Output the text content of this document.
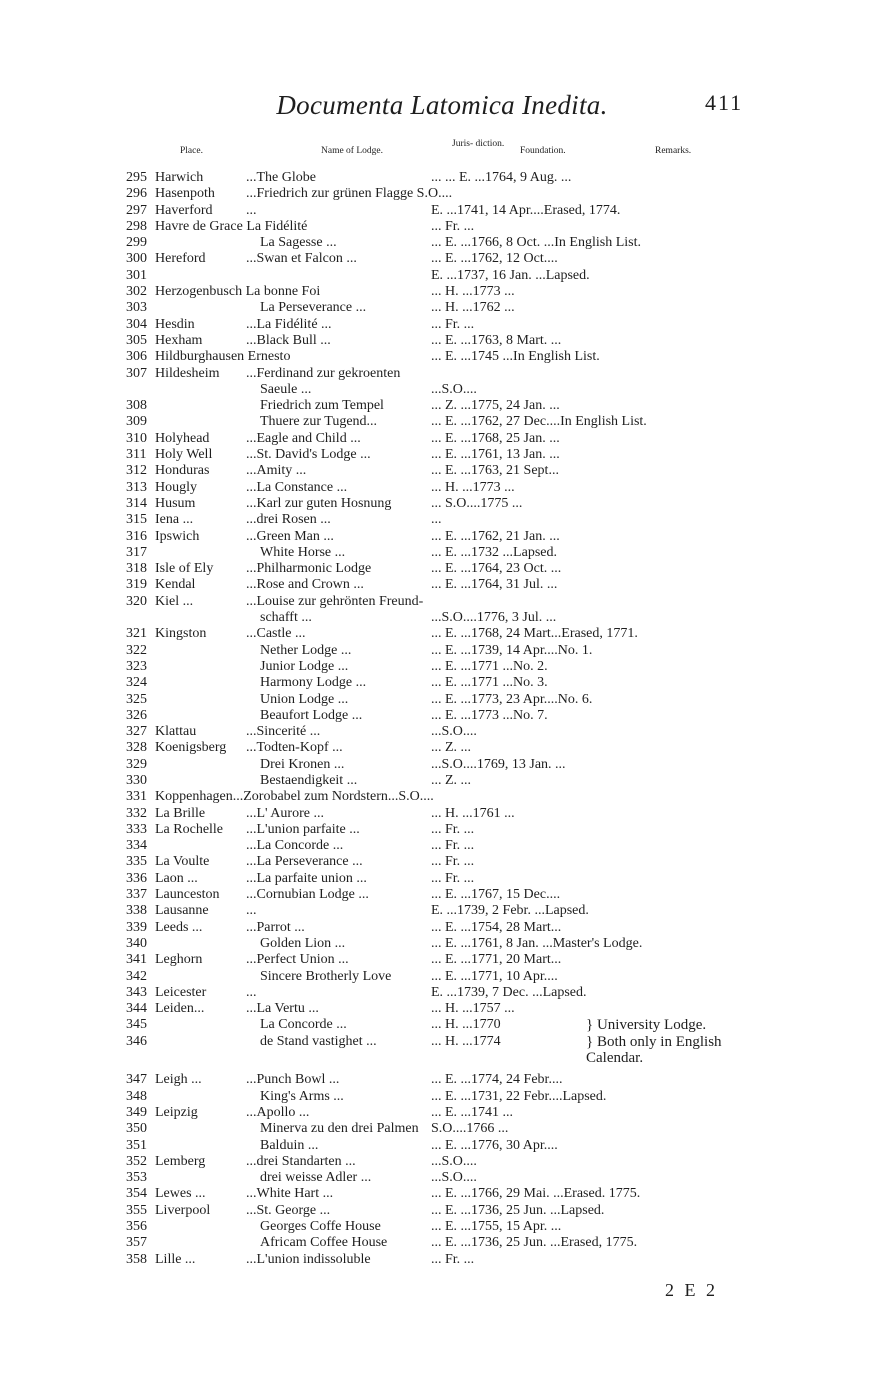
Documenta Latomica Inedita.	411
Place.	Name of Lodge.
Juris- diction.
Foundation.	Remarks.
295 Harwich	...The Globe	... ... E. ...1764, 9 Aug. ...
296 Hasenpoth ...Friedrich zur grünen Flagge S.O....
297 Haverford ...	E. ...1741, 14 Apr....Erased, 1774.
298 Havre de Grace La Fidélité	... Fr. ...
299	La Sagesse ...	... E. ...1766, 8 Oct. ...In English List.
300 Hereford	...Swan et Falcon ...	... E. ...1762, 12 Oct....
301	E. ...1737, 16 Jan. ...Lapsed.
302 Herzogenbusch La bonne Foi	... H. ...1773 ...
303	La Perseverance ...	... H. ...1762 ...
304 Hesdin	...La Fidélité ...	... Fr. ...
305 Hexham	...Black Bull ...	... E. ...1763, 8 Mart. ...
306 Hildburghausen Ernesto	... E. ...1745 ...In English List.
307 Hildesheim ...Ferdinand zur gekroenten
Saeule ...	...S.O....
308	Friedrich zum Tempel	... Z. ...1775, 24 Jan. ...
309	Thuere zur Tugend...	... E. ...1762, 27 Dec....In English List.
310 Holyhead	...Eagle and Child ...	... E. ...1768, 25 Jan. ...
311 Holy Well ...St. David's Lodge ...	... E. ...1761, 13 Jan. ...
312 Honduras	...Amity ...	... E. ...1763, 21 Sept...
313 Hougly	...La Constance ...	... H. ...1773 ...
314 Husum	...Karl zur guten Hosnung	... S.O....1775 ...
315 Iena ...	...drei Rosen ...	...
316 Ipswich	...Green Man ...	... E. ...1762, 21 Jan. ...
317	White Horse ...	... E. ...1732 ...Lapsed.
318 Isle of Ely ...Philharmonic Lodge	... E. ...1764, 23 Oct. ...
319 Kendal	...Rose and Crown ...	... E. ...1764, 31 Jul. ...
320 Kiel ...	...Louise zur gehrönten Freund-
schafft ...	...S.O....1776, 3 Jul. ...
321 Kingston	...Castle ...	... E. ...1768, 24 Mart...Erased, 1771.
322	Nether Lodge ...	... E. ...1739, 14 Apr....No. 1.
323	Junior Lodge ...	... E. ...1771 ...No. 2.
324	Harmony Lodge ...	... E. ...1771 ...No. 3.
325	Union Lodge ...	... E. ...1773, 23 Apr....No. 6.
326	Beaufort Lodge ...	... E. ...1773 ...No. 7.
327 Klattau	...Sincerité ...	...S.O....
328 Koenigsberg ...Todten-Kopf ...	... Z. ...
329	Drei Kronen ...	...S.O....1769, 13 Jan. ...
330	Bestaendigkeit ...	... Z. ...
331 Koppenhagen...Zorobabel zum Nordstern...S.O....
332 La Brille	...L' Aurore ...	... H. ...1761 ...
333 La Rochelle ...L'union parfaite ...	... Fr. ...
334	...La Concorde ...	... Fr. ...
335 La Voulte	...La Perseverance ...	... Fr. ...
336 Laon ...	...La parfaite union ...	... Fr. ...
337 Launceston ...Cornubian Lodge ...	... E. ...1767, 15 Dec....
338 Lausanne	...	E. ...1739, 2 Febr. ...Lapsed.
339 Leeds ...	...Parrot ...	... E. ...1754, 28 Mart...
340	Golden Lion ...	... E. ...1761, 8 Jan. ...Master's Lodge.
341 Leghorn	...Perfect Union ...	... E. ...1771, 20 Mart...
342	Sincere Brotherly Love	... E. ...1771, 10 Apr....
343 Leicester	...	E. ...1739, 7 Dec. ...Lapsed.
344 Leiden...	...La Vertu ...	... H. ...1757 ...
345	La Concorde ...	... H. ...1770	} University Lodge.
346	de Stand vastighet ...	... H. ...1774	} Both only in English
Calendar.
347 Leigh ...	...Punch Bowl ...	... E. ...1774, 24 Febr....
348	King's Arms ...	... E. ...1731, 22 Febr....Lapsed.
349 Leipzig	...Apollo ...	... E. ...1741 ...
350	Minerva zu den drei Palmen S.O....1766 ...
351	Balduin ...	... E. ...1776, 30 Apr....
352 Lemberg	...drei Standarten ...	...S.O....
353	drei weisse Adler ...	...S.O....
354 Lewes ...	...White Hart ...	... E. ...1766, 29 Mai. ...Erased. 1775.
355 Liverpool	...St. George ...	... E. ...1736, 25 Jun. ...Lapsed.
356	Georges Coffe House	... E. ...1755, 15 Apr. ...
357	Africam Coffee House	... E. ...1736, 25 Jun. ...Erased, 1775.
358 Lille ...	...L'union indissoluble	... Fr. ...
2 E 2
